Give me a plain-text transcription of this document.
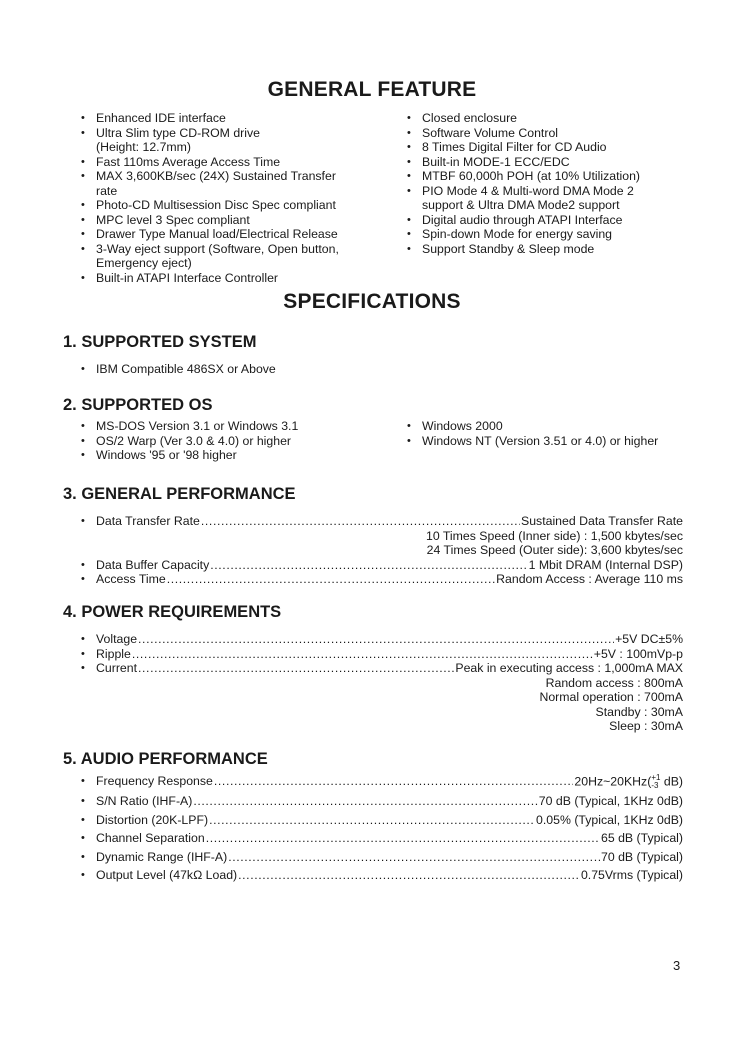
GENERAL FEATURE
• Enhanced IDE interface
• Ultra Slim type CD-ROM drive
(Height: 12.7mm)
• Fast 110ms Average Access Time
• MAX 3,600KB/sec (24X) Sustained Transfer
rate
• Photo-CD Multisession Disc Spec compliant
• MPC level 3 Spec compliant
• Drawer Type Manual load/Electrical Release
• 3-Way eject support (Software, Open button,
Emergency eject)
• Built-in ATAPI Interface Controller
• Closed enclosure
• Software Volume Control
• 8 Times Digital Filter for CD Audio
• Built-in MODE-1 ECC/EDC
• MTBF 60,000h POH (at 10% Utilization)
• PIO Mode 4 & Multi-word DMA Mode 2
support & Ultra DMA Mode2 support
• Digital audio through ATAPI Interface
• Spin-down Mode for energy saving
• Support Standby & Sleep mode
SPECIFICATIONS
1. SUPPORTED SYSTEM
• IBM Compatible 486SX or Above
2. SUPPORTED OS
• MS-DOS Version 3.1 or Windows 3.1
• OS/2 Warp (Ver 3.0 & 4.0) or higher
• Windows '95 or '98 higher
• Windows 2000
• Windows NT (Version 3.51 or 4.0) or higher
3. GENERAL PERFORMANCE
• Data Transfer Rate .....	Sustained Data Transfer Rate
10 Times Speed (Inner side) : 1,500 kbytes/sec
24 Times Speed (Outer side): 3,600 kbytes/sec
• Data Buffer Capacity .....	1 Mbit DRAM (Internal DSP)
• Access Time .....	Random Access : Average 110 ms
4. POWER REQUIREMENTS
• Voltage .....	+5V DC±5%
• Ripple .....	+5V : 100mVp-p
• Current .....	Peak in executing access : 1,000mA MAX
Random access : 800mA
Normal operation : 700mA
Standby : 30mA
Sleep : 30mA
5. AUDIO PERFORMANCE
• Frequency Response .....	20Hz~20KHz( +1
-3 dB)
• S/N Ratio (IHF-A) .....	70 dB (Typical, 1KHz 0dB)
• Distortion (20K-LPF) .....	0.05% (Typical, 1KHz 0dB)
• Channel Separation .....	65 dB (Typical)
• Dynamic Range (IHF-A) .....	70 dB (Typical)
• Output Level (47kΩ Load) .....	0.75Vrms (Typical)
3
